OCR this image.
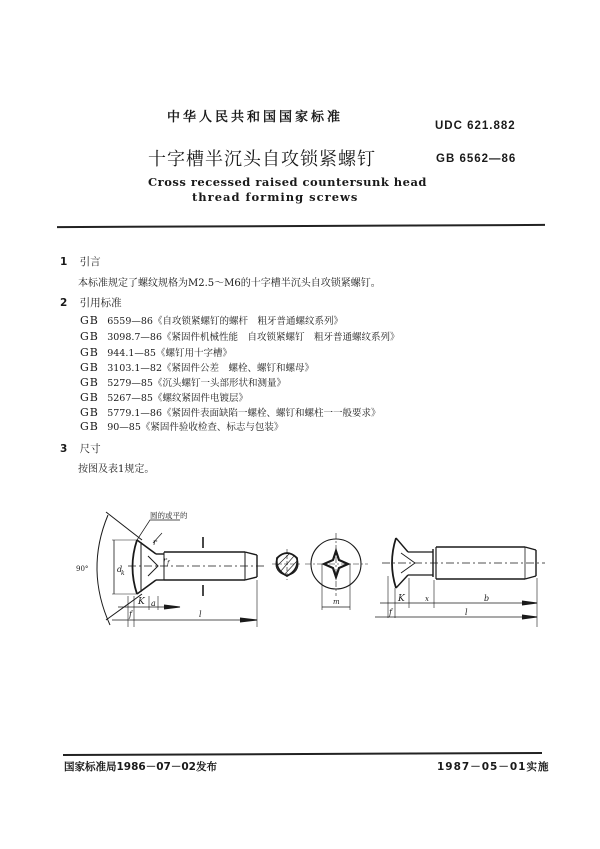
中华人民共和国国家标准
UDC 621.882
十字槽半沉头自攻锁紧螺钉	GB 6562—86
Cross recessed raised countersunk head
thread forming screws
1 引言
本标准规定了螺纹规格为M2.5～M6的十字槽半沉头自攻锁紧螺钉。
2 引用标准
GB 6559—86《自攻锁紧螺钉的螺杆　粗牙普通螺纹系列》
GB 3098.7—86《紧固件机械性能　自攻锁紧螺钉　粗牙普通螺纹系列》
GB 944.1—85《螺钉用十字槽》
GB 3103.1—82《紧固件公差　螺栓、螺钉和螺母》
GB 5279—85《沉头螺钉一头部形状和测量》
GB 5267—85《螺纹紧固件电镀层》
GB 5779.1—86《紧固件表面缺陷一螺栓、螺钉和螺柱一一般要求》
GB 90—85《紧固件验收检查、标志与包装》
3 尺寸
按图及表1规定。
圆的或平的
90°	d
k
r
r f
K a
f	l
m	K	x	b
f	l
国家标准局1986－07－02发布	1987－05－01实施
